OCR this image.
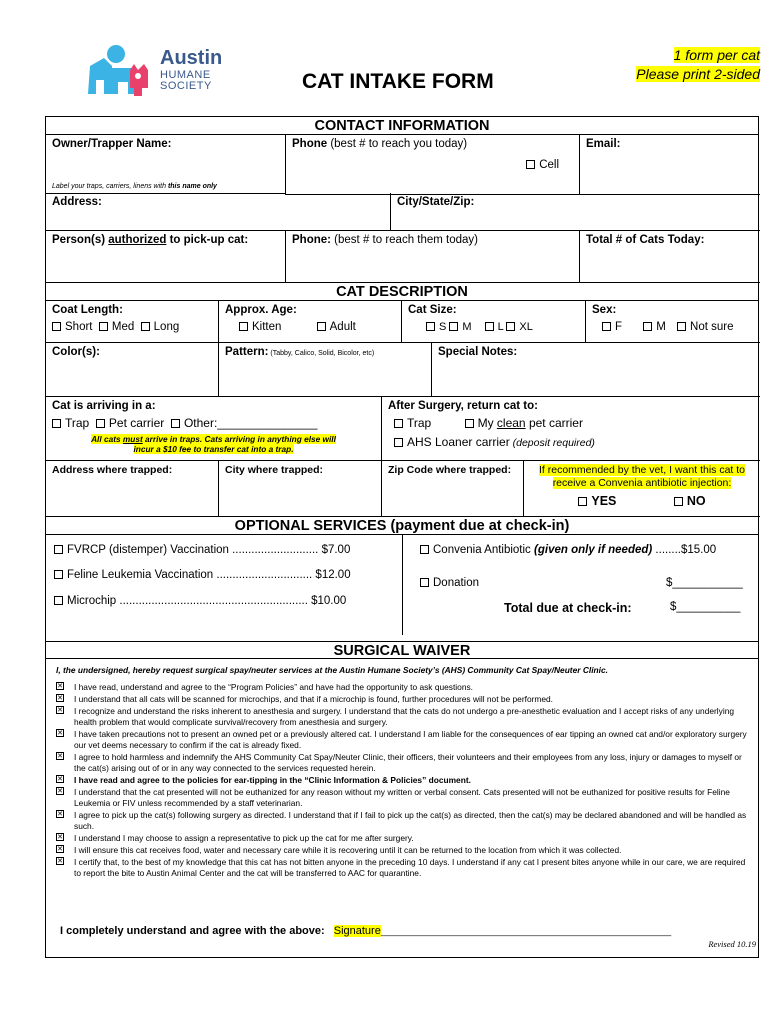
Austin
HUMANE
SOCIETY	CAT INTAKE FORM
1 form per cat
Please print 2-sided
CONTACT INFORMATION
Owner/Trapper Name:	Phone (best # to reach you today)
Cell
Email:
Label your traps, carriers, linens with this name only
Address:	City/State/Zip:
Person(s) authorized to pick-up cat:	Phone: (best # to reach them today)	Total # of Cats Today:
CAT DESCRIPTION
Coat Length:
Short Med Long
Approx. Age:
Kitten	Adult
Cat Size:
S M L XL
Sex:
F	M Not sure
Color(s):	Pattern: (Tabby, Calico, Solid, Bicolor, etc)	Special Notes:
Cat is arriving in a:
Trap Pet carrier Other:_______________
All cats must arrive in traps. Cats arriving in anything else will
incur a $10 fee to transfer cat into a trap.
After Surgery, return cat to:
Trap	My clean pet carrier
AHS Loaner carrier (deposit required)
Address where trapped:	City where trapped:	Zip Code where trapped:	If recommended by the vet, I want this cat to
receive a Convenia antibiotic injection:
YES	NO
OPTIONAL SERVICES (payment due at check-in)
FVRCP (distemper) Vaccination ........................... $7.00
Feline Leukemia Vaccination .............................. $12.00
Microchip ........................................................... $10.00
Convenia Antibiotic (given only if needed) ........$15.00
Donation	$___________
Total due at check-in:	$__________
SURGICAL WAIVER
I, the undersigned, hereby request surgical spay/neuter services at the Austin Humane Society’s (AHS) Community Cat Spay/Neuter Clinic.
✕ I have read, understand and agree to the “Program Policies” and have had the opportunity to ask questions.
✕ I understand that all cats will be scanned for microchips, and that if a microchip is found, further procedures will not be performed.
✕ I recognize and understand the risks inherent to anesthesia and surgery. I understand that the cats do not undergo a pre-anesthetic evaluation and I accept risks of any underlying health problem that would complicate survival/recovery from anesthesia and surgery.
✕ I have taken precautions not to present an owned pet or a previously altered cat. I understand I am liable for the consequences of ear tipping an owned cat and/or exploratory surgery our vet deems necessary to confirm if the cat is already fixed.
✕ I agree to hold harmless and indemnify the AHS Community Cat Spay/Neuter Clinic, their officers, their volunteers and their employees from any loss, injury or damages to myself or the cat(s) arising out of or in any way connected to the services requested herein.
✕ I have read and agree to the policies for ear-tipping in the “Clinic Information & Policies” document.
✕ I understand that the cat presented will not be euthanized for any reason without my written or verbal consent. Cats presented will not be euthanized for positive results for Feline Leukemia or FIV unless recommended by a staff veterinarian.
✕ I agree to pick up the cat(s) following surgery as directed. I understand that if I fail to pick up the cat(s) as directed, then the cat(s) may be declared abandoned and will be handled as such.
✕ I understand I may choose to assign a representative to pick up the cat for me after surgery.
✕ I will ensure this cat receives food, water and necessary care while it is recovering until it can be returned to the location from which it was collected.
✕ I certify that, to the best of my knowledge that this cat has not bitten anyone in the preceding 10 days. I understand if any cat I present bites anyone while in our care, we are required to report the bite to Austin Animal Center and the cat will be transferred to AAC for quarantine.
I completely understand and agree with the above: Signature__________________________________________________________
Revised 10.19
